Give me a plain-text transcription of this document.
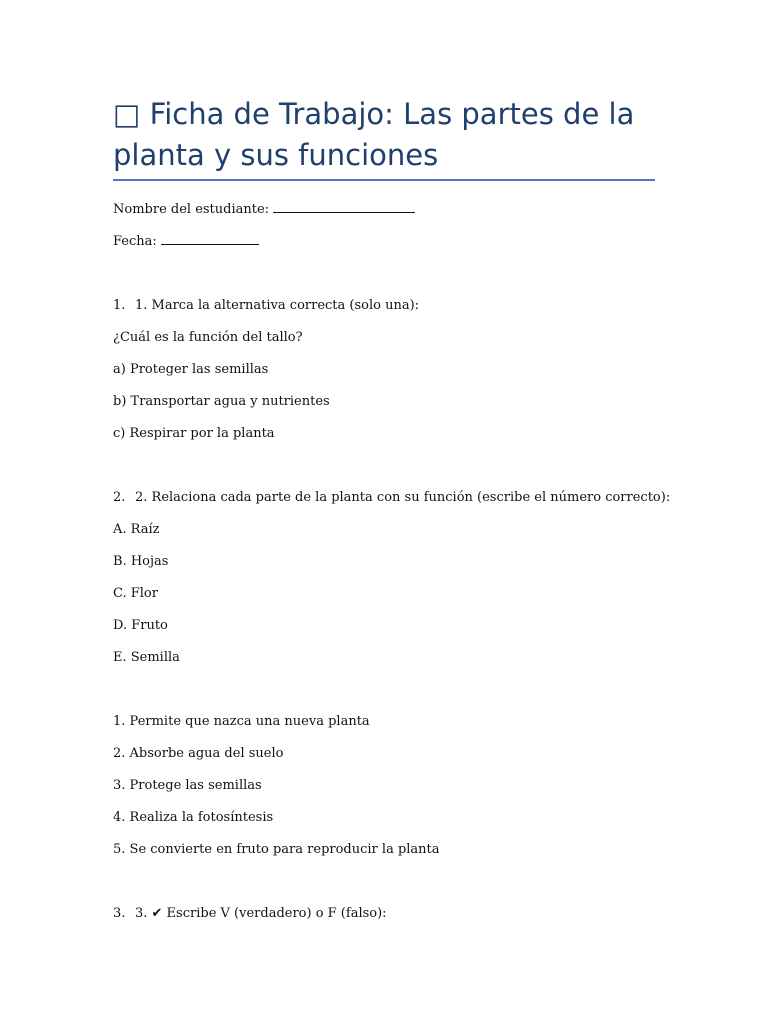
□ Ficha de Trabajo: Las partes de la planta y sus funciones
Nombre del estudiante:
Fecha:
1. 1. Marca la alternativa correcta (solo una):
¿Cuál es la función del tallo?
a) Proteger las semillas
b) Transportar agua y nutrientes
c) Respirar por la planta
2. 2. Relaciona cada parte de la planta con su función (escribe el número correcto):
A. Raíz
B. Hojas
C. Flor
D. Fruto
E. Semilla
1. Permite que nazca una nueva planta
2. Absorbe agua del suelo
3. Protege las semillas
4. Realiza la fotosíntesis
5. Se convierte en fruto para reproducir la planta
3. 3. ✔ Escribe V (verdadero) o F (falso):
